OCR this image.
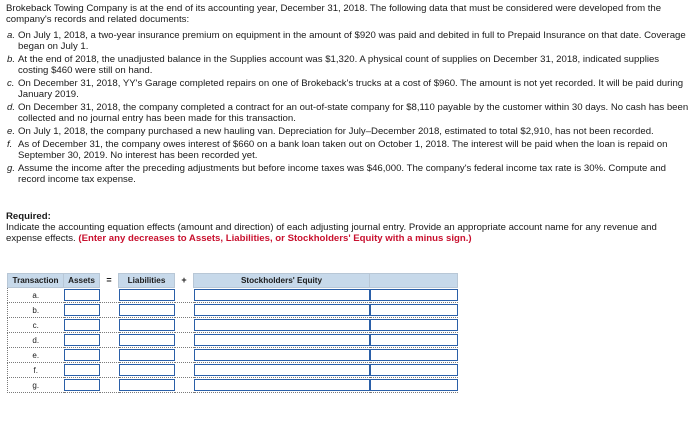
Brokeback Towing Company is at the end of its accounting year, December 31, 2018. The following data that must be considered were developed from the company's records and related documents:

a. On July 1, 2018, a two-year insurance premium on equipment in the amount of $920 was paid and debited in full to Prepaid Insurance on that date. Coverage began on July 1.
b. At the end of 2018, the unadjusted balance in the Supplies account was $1,320. A physical count of supplies on December 31, 2018, indicated supplies costing $460 were still on hand.
c. On December 31, 2018, YY's Garage completed repairs on one of Brokeback's trucks at a cost of $960. The amount is not yet recorded. It will be paid during January 2019.
d. On December 31, 2018, the company completed a contract for an out-of-state company for $8,110 payable by the customer within 30 days. No cash has been collected and no journal entry has been made for this transaction.
e. On July 1, 2018, the company purchased a new hauling van. Depreciation for July–December 2018, estimated to total $2,910, has not been recorded.
f. As of December 31, the company owes interest of $660 on a bank loan taken out on October 1, 2018. The interest will be paid when the loan is repaid on September 30, 2019. No interest has been recorded yet.
g. Assume the income after the preceding adjustments but before income taxes was $46,000. The company's federal income tax rate is 30%. Compute and record income tax expense.
Required:

Indicate the accounting equation effects (amount and direction) of each adjusting journal entry. Provide an appropriate account name for any revenue and expense effects. (Enter any decreases to Assets, Liabilities, or Stockholders' Equity with a minus sign.)

Transaction	Assets	=	Liabilities	+	Stockholders' Equity	
a.	

b.	

c.	

d.	

e.	

f.	

g.	
